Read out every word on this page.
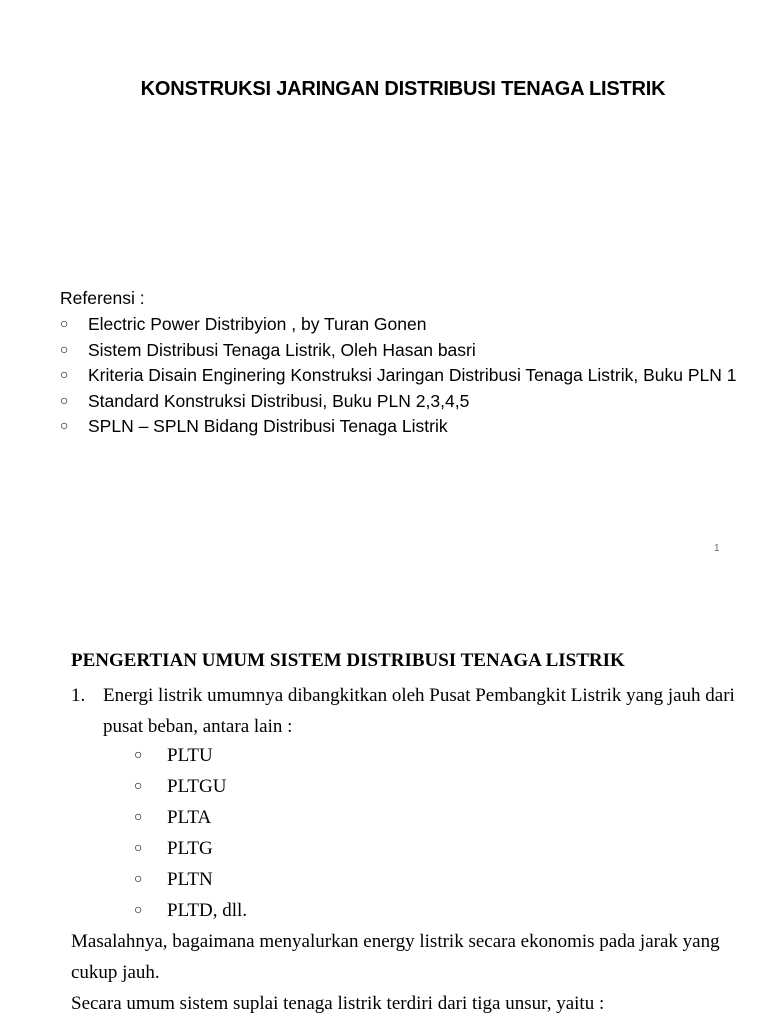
KONSTRUKSI JARINGAN DISTRIBUSI TENAGA LISTRIK
Referensi :
○	Electric Power Distribyion , by Turan Gonen
○	Sistem Distribusi Tenaga Listrik, Oleh Hasan basri
○	Kriteria Disain Enginering Konstruksi Jaringan Distribusi Tenaga Listrik, Buku PLN 1
○	Standard Konstruksi Distribusi, Buku PLN 2,3,4,5
○	SPLN – SPLN Bidang Distribusi Tenaga Listrik
1
PENGERTIAN UMUM SISTEM DISTRIBUSI TENAGA LISTRIK
1. Energi listrik umumnya dibangkitkan oleh Pusat Pembangkit Listrik yang jauh dari pusat beban, antara lain :
○	PLTU
○	PLTGU
○	PLTA
○	PLTG
○	PLTN
○	PLTD, dll.

Masalahnya, bagaimana menyalurkan energy listrik secara ekonomis pada jarak yang cukup jauh.

Secara umum sistem suplai tenaga listrik terdiri dari tiga unsur, yaitu :
